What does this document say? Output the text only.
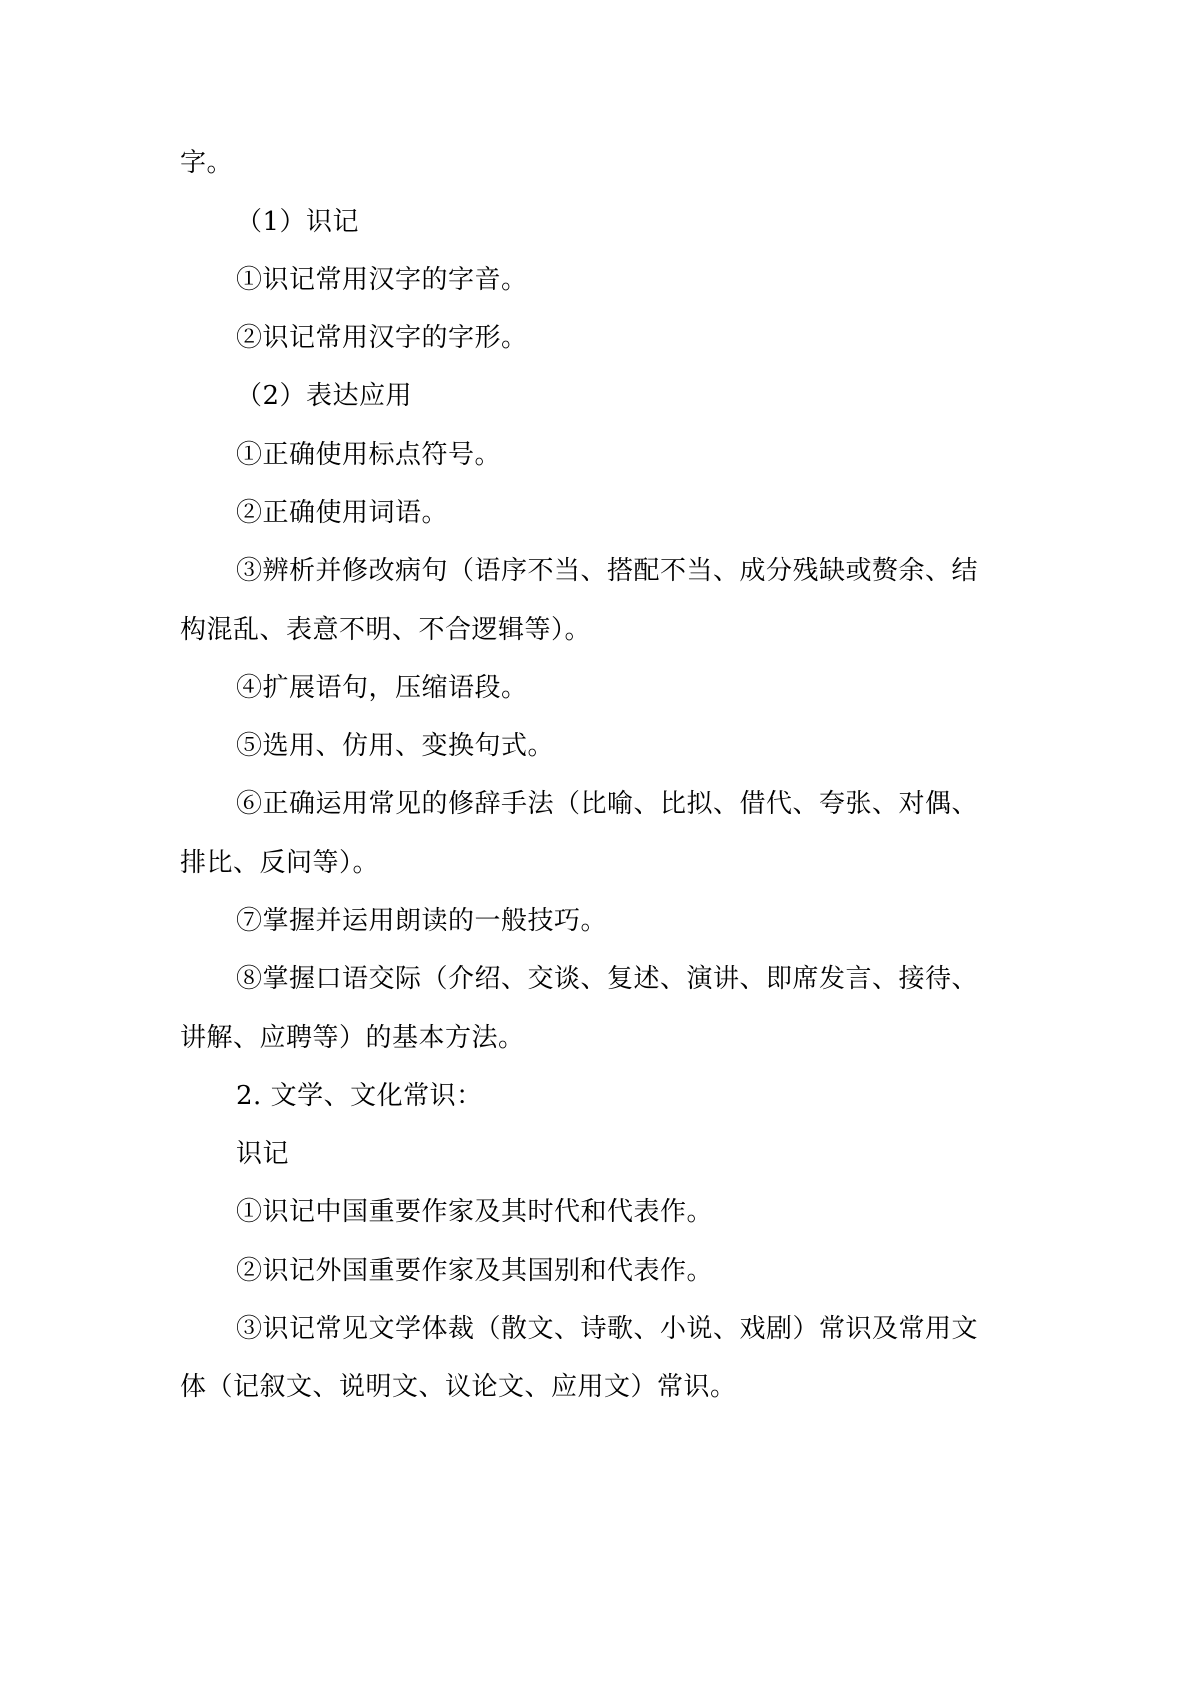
字。
（1）识记
①识记常用汉字的字音。
②识记常用汉字的字形。
（2）表达应用
①正确使用标点符号。
②正确使用词语。
③辨析并修改病句（语序不当、搭配不当、成分残缺或赘余、结
构混乱、表意不明、不合逻辑等）。
④扩展语句，压缩语段。
⑤选用、仿用、变换句式。
⑥正确运用常见的修辞手法（比喻、比拟、借代、夸张、对偶、
排比、反问等）。
⑦掌握并运用朗读的一般技巧。
⑧掌握口语交际（介绍、交谈、复述、演讲、即席发言、接待、
讲解、应聘等）的基本方法。
2. 文学、文化常识：
识记
①识记中国重要作家及其时代和代表作。
②识记外国重要作家及其国别和代表作。
③识记常见文学体裁（散文、诗歌、小说、戏剧）常识及常用文
体（记叙文、说明文、议论文、应用文）常识。
